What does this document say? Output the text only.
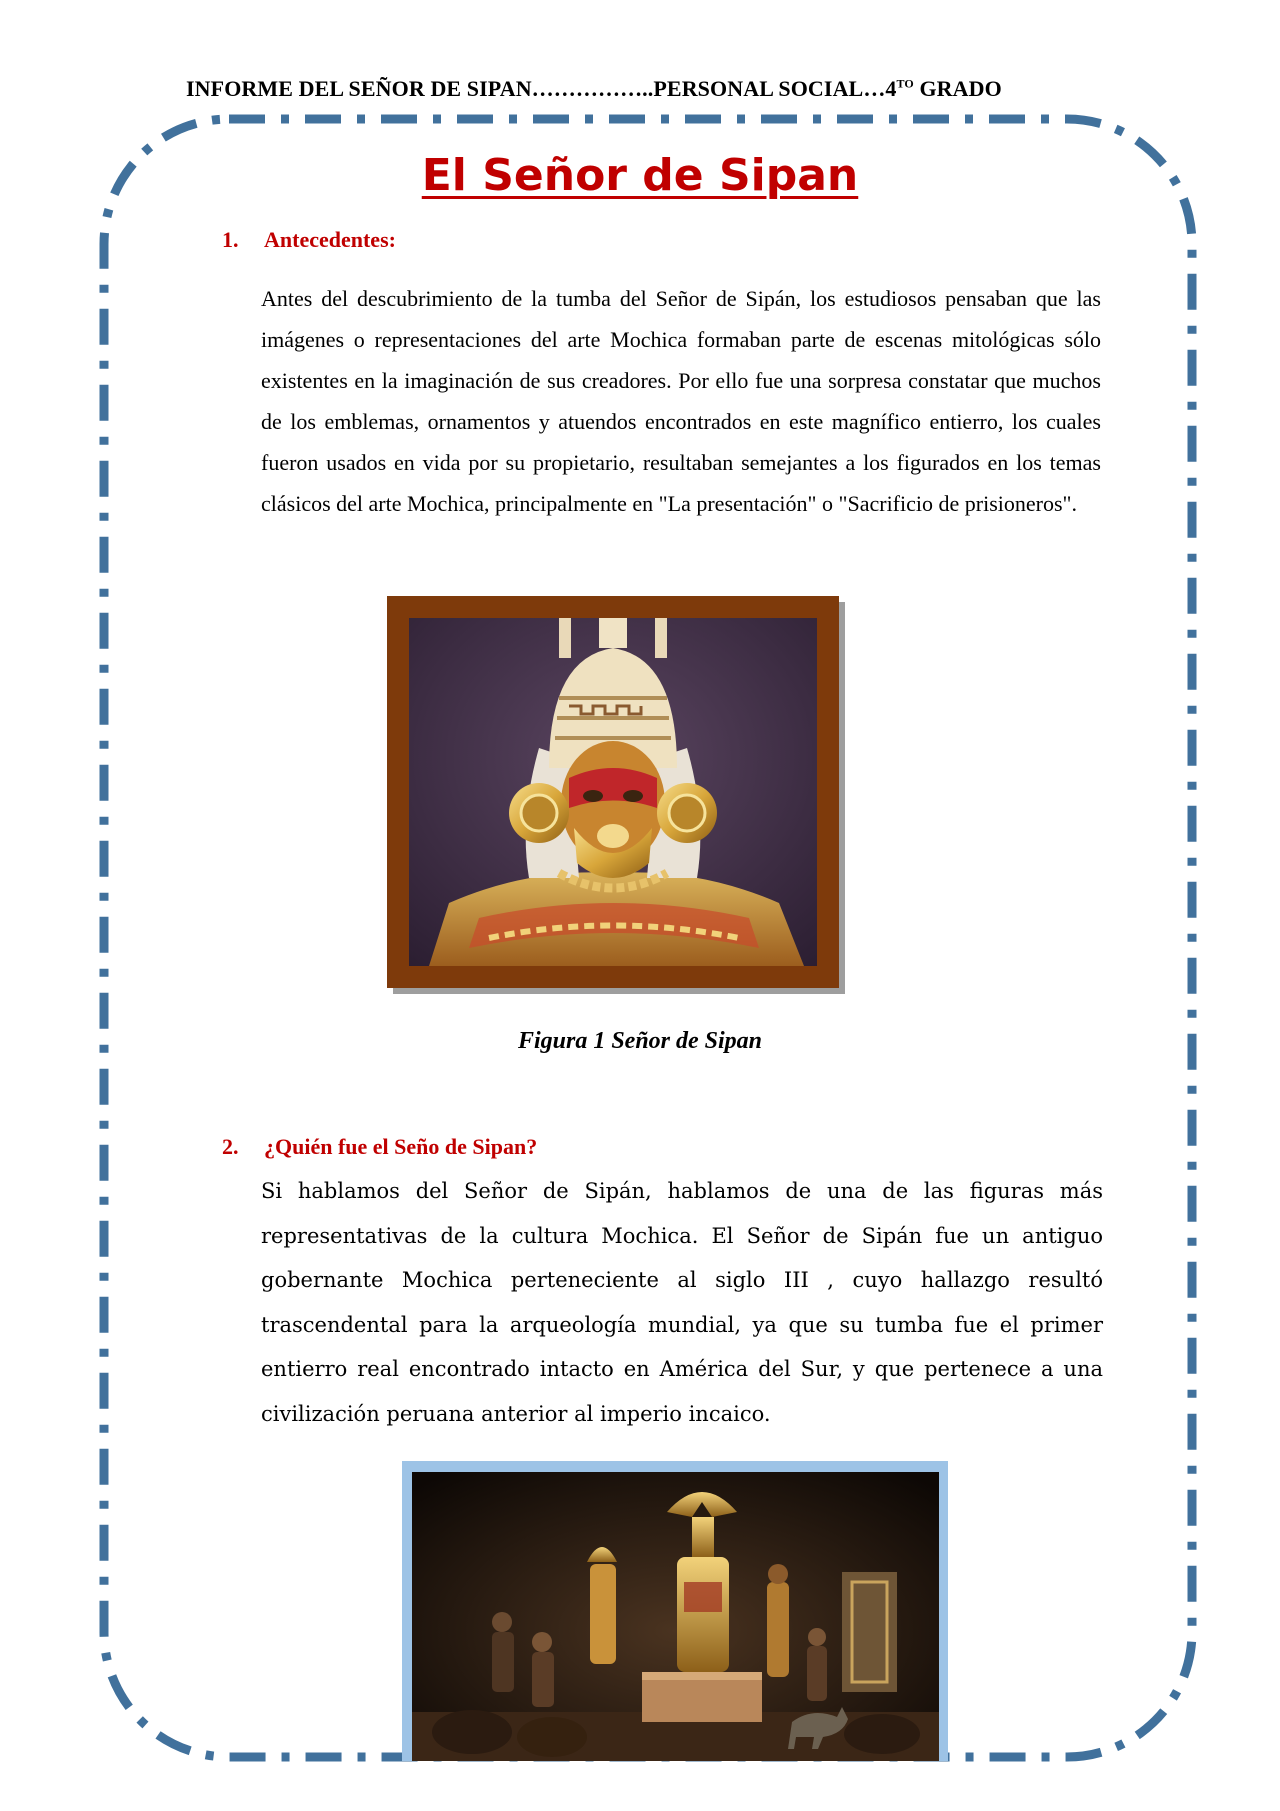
INFORME DEL SEÑOR DE SIPAN……………..PERSONAL $SOCIAL\dots 4^{TO}$ GRADO
El Señor de Sipan
1. Antecedentes:
Antes del descubrimiento de la tumba del Señor de Sipán, los estudiosos pensaban que las imágenes o representaciones del arte Mochica formaban parte de escenas mitológicas sólo existentes en la imaginación de sus creadores. Por ello fue una sorpresa constatar que muchos de los emblemas, ornamentos y atuendos encontrados en este magnífico entierro, los cuales fueron usados en vida por su propietario, resultaban semejantes a los figurados en los temas clásicos del arte Mochica, principalmente en "La presentación" o "Sacrificio de prisioneros".
Figura 1 Señor de Sipan
2. ¿Quién fue el Seño de Sipan?
Si hablamos del Señor de Sipán, hablamos de una de las figuras más representativas de la cultura Mochica. El Señor de Sipán fue un antiguo gobernante Mochica perteneciente al siglo III , cuyo hallazgo resultó trascendental para la arqueología mundial, ya que su tumba fue el primer entierro real encontrado intacto en América del Sur, y que pertenece a una civilización peruana anterior al imperio incaico.
